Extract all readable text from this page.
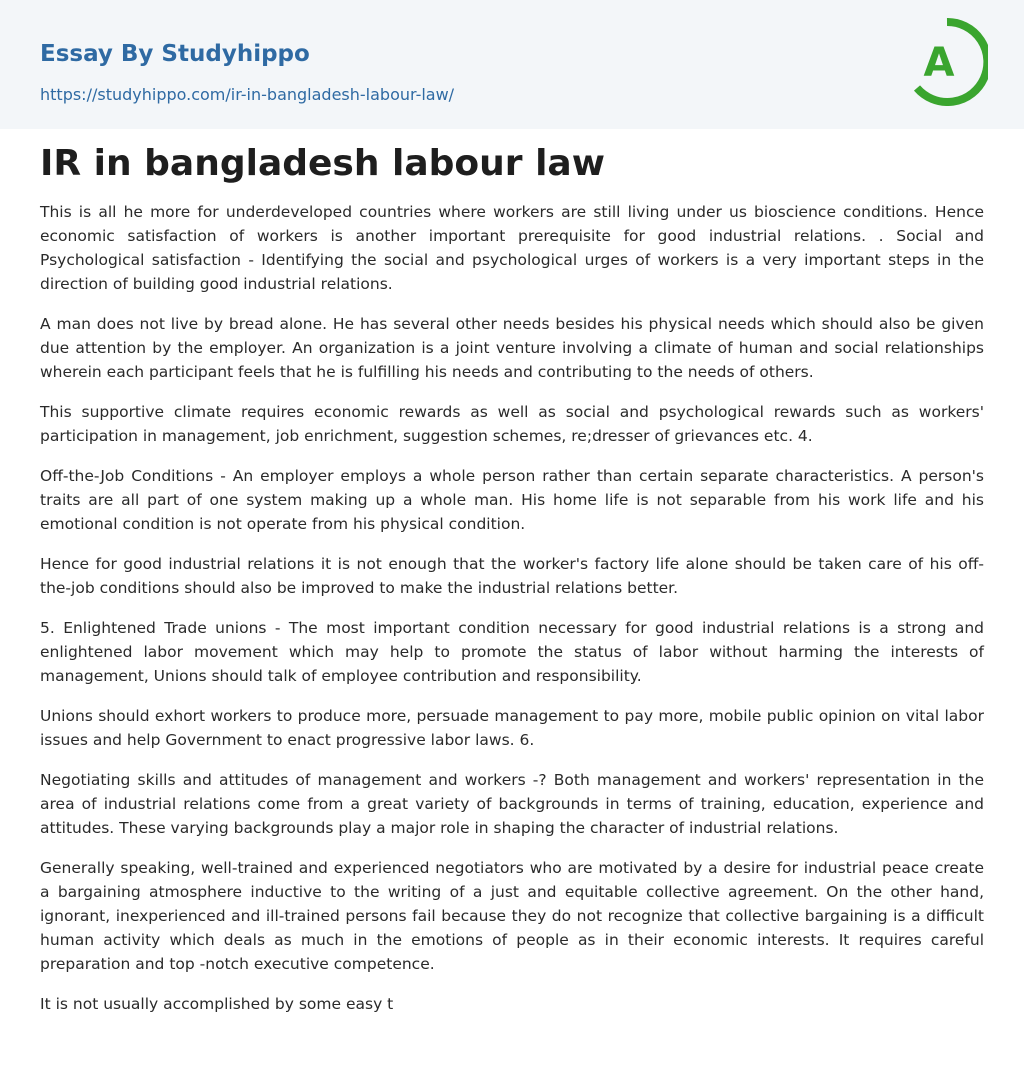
Essay By Studyhippo
https://studyhippo.com/ir-in-bangladesh-labour-law/
A
IR in bangladesh labour law

This is all he more for underdeveloped countries where workers are still living under us bioscience conditions. Hence economic satisfaction of workers is another important prerequisite for good industrial relations. . Social and Psychological satisfaction - Identifying the social and psychological urges of workers is a very important steps in the direction of building good industrial relations.

A man does not live by bread alone. He has several other needs besides his physical needs which should also be given due attention by the employer. An organization is a joint venture involving a climate of human and social relationships wherein each participant feels that he is fulfilling his needs and contributing to the needs of others.

This supportive climate requires economic rewards as well as social and psychological rewards such as workers' participation in management, job enrichment, suggestion schemes, re;dresser of grievances etc. 4.

Off-the-Job Conditions - An employer employs a whole person rather than certain separate characteristics. A person's traits are all part of one system making up a whole man. His home life is not separable from his work life and his emotional condition is not operate from his physical condition.

Hence for good industrial relations it is not enough that the worker's factory life alone should be taken care of his off- the-job conditions should also be improved to make the industrial relations better.

5. Enlightened Trade unions - The most important condition necessary for good industrial relations is a strong and enlightened labor movement which may help to promote the status of labor without harming the interests of management, Unions should talk of employee contribution and responsibility.

Unions should exhort workers to produce more, persuade management to pay more, mobile public opinion on vital labor issues and help Government to enact progressive labor laws. 6.

Negotiating skills and attitudes of management and workers -? Both management and workers' representation in the area of industrial relations come from a great variety of backgrounds in terms of training, education, experience and attitudes. These varying backgrounds play a major role in shaping the character of industrial relations.

Generally speaking, well-trained and experienced negotiators who are motivated by a desire for industrial peace create a bargaining atmosphere inductive to the writing of a just and equitable collective agreement. On the other hand, ignorant, inexperienced and ill-trained persons fail because they do not recognize that collective bargaining is a difficult human activity which deals as much in the emotions of people as in their economic interests. It requires careful preparation and top -notch executive competence.

It is not usually accomplished by some easy t
